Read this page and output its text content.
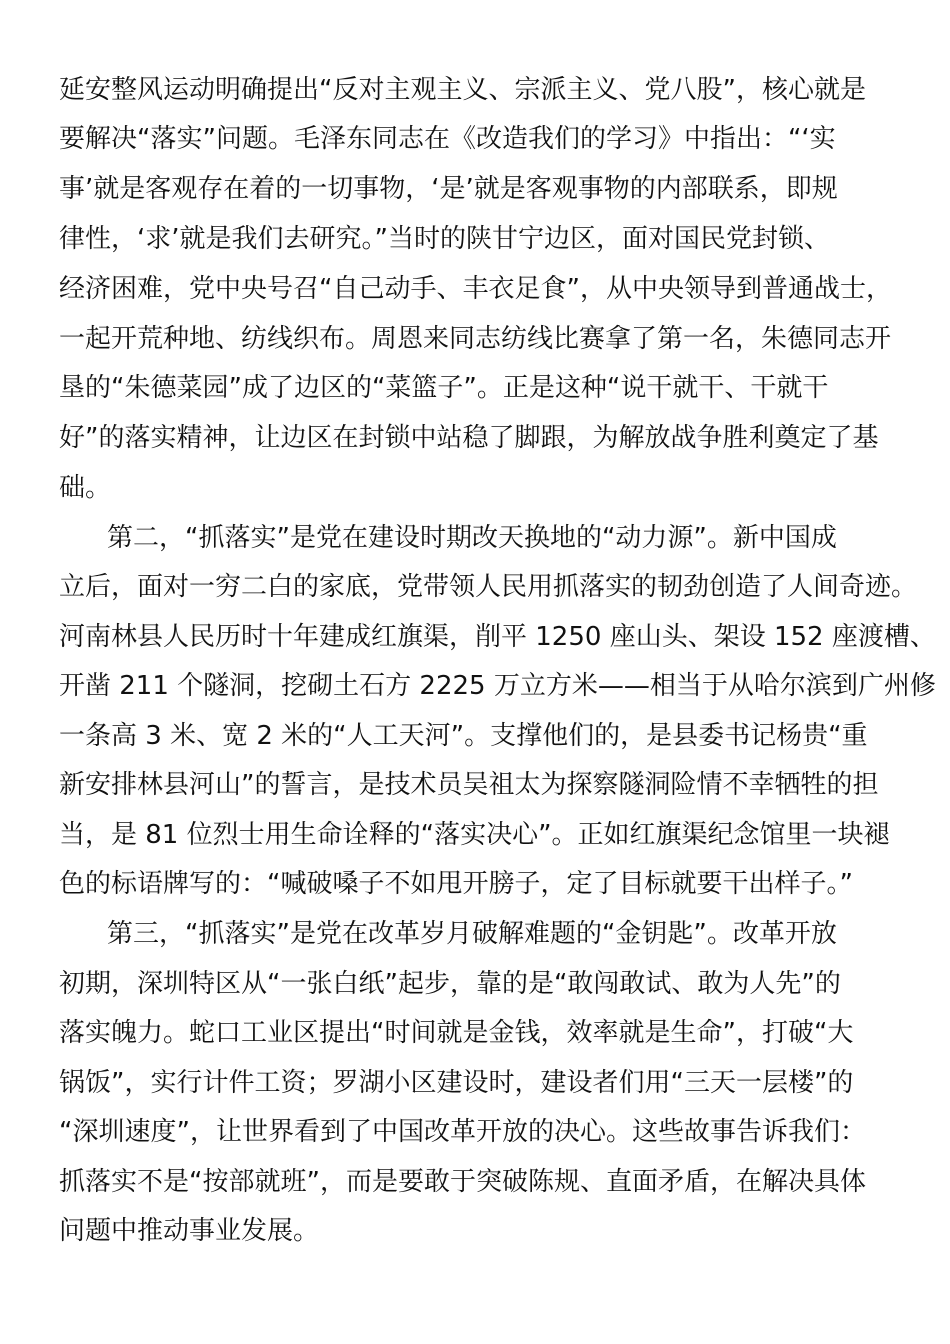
延安整风运动明确提出“反对主观主义、宗派主义、党八股”，核心就是
要解决“落实”问题。毛泽东同志在《改造我们的学习》中指出：“‘实
事’就是客观存在着的一切事物，‘是’就是客观事物的内部联系，即规
律性，‘求’就是我们去研究。”当时的陕甘宁边区，面对国民党封锁、
经济困难，党中央号召“自己动手、丰衣足食”，从中央领导到普通战士，
一起开荒种地、纺线织布。周恩来同志纺线比赛拿了第一名，朱德同志开
垦的“朱德菜园”成了边区的“菜篮子”。正是这种“说干就干、干就干
好”的落实精神，让边区在封锁中站稳了脚跟，为解放战争胜利奠定了基
础。
第二，“抓落实”是党在建设时期改天换地的“动力源”。新中国成
立后，面对一穷二白的家底，党带领人民用抓落实的韧劲创造了人间奇迹。
河南林县人民历时十年建成红旗渠，削平 1250 座山头、架设 152 座渡槽、
开凿 211 个隧洞，挖砌土石方 2225 万立方米——相当于从哈尔滨到广州修
一条高 3 米、宽 2 米的“人工天河”。支撑他们的，是县委书记杨贵“重
新安排林县河山”的誓言，是技术员吴祖太为探察隧洞险情不幸牺牲的担
当，是 81 位烈士用生命诠释的“落实决心”。正如红旗渠纪念馆里一块褪
色的标语牌写的：“喊破嗓子不如甩开膀子，定了目标就要干出样子。”
第三，“抓落实”是党在改革岁月破解难题的“金钥匙”。改革开放
初期，深圳特区从“一张白纸”起步，靠的是“敢闯敢试、敢为人先”的
落实魄力。蛇口工业区提出“时间就是金钱，效率就是生命”，打破“大
锅饭”，实行计件工资；罗湖小区建设时，建设者们用“三天一层楼”的
“深圳速度”，让世界看到了中国改革开放的决心。这些故事告诉我们：
抓落实不是“按部就班”，而是要敢于突破陈规、直面矛盾，在解决具体
问题中推动事业发展。
